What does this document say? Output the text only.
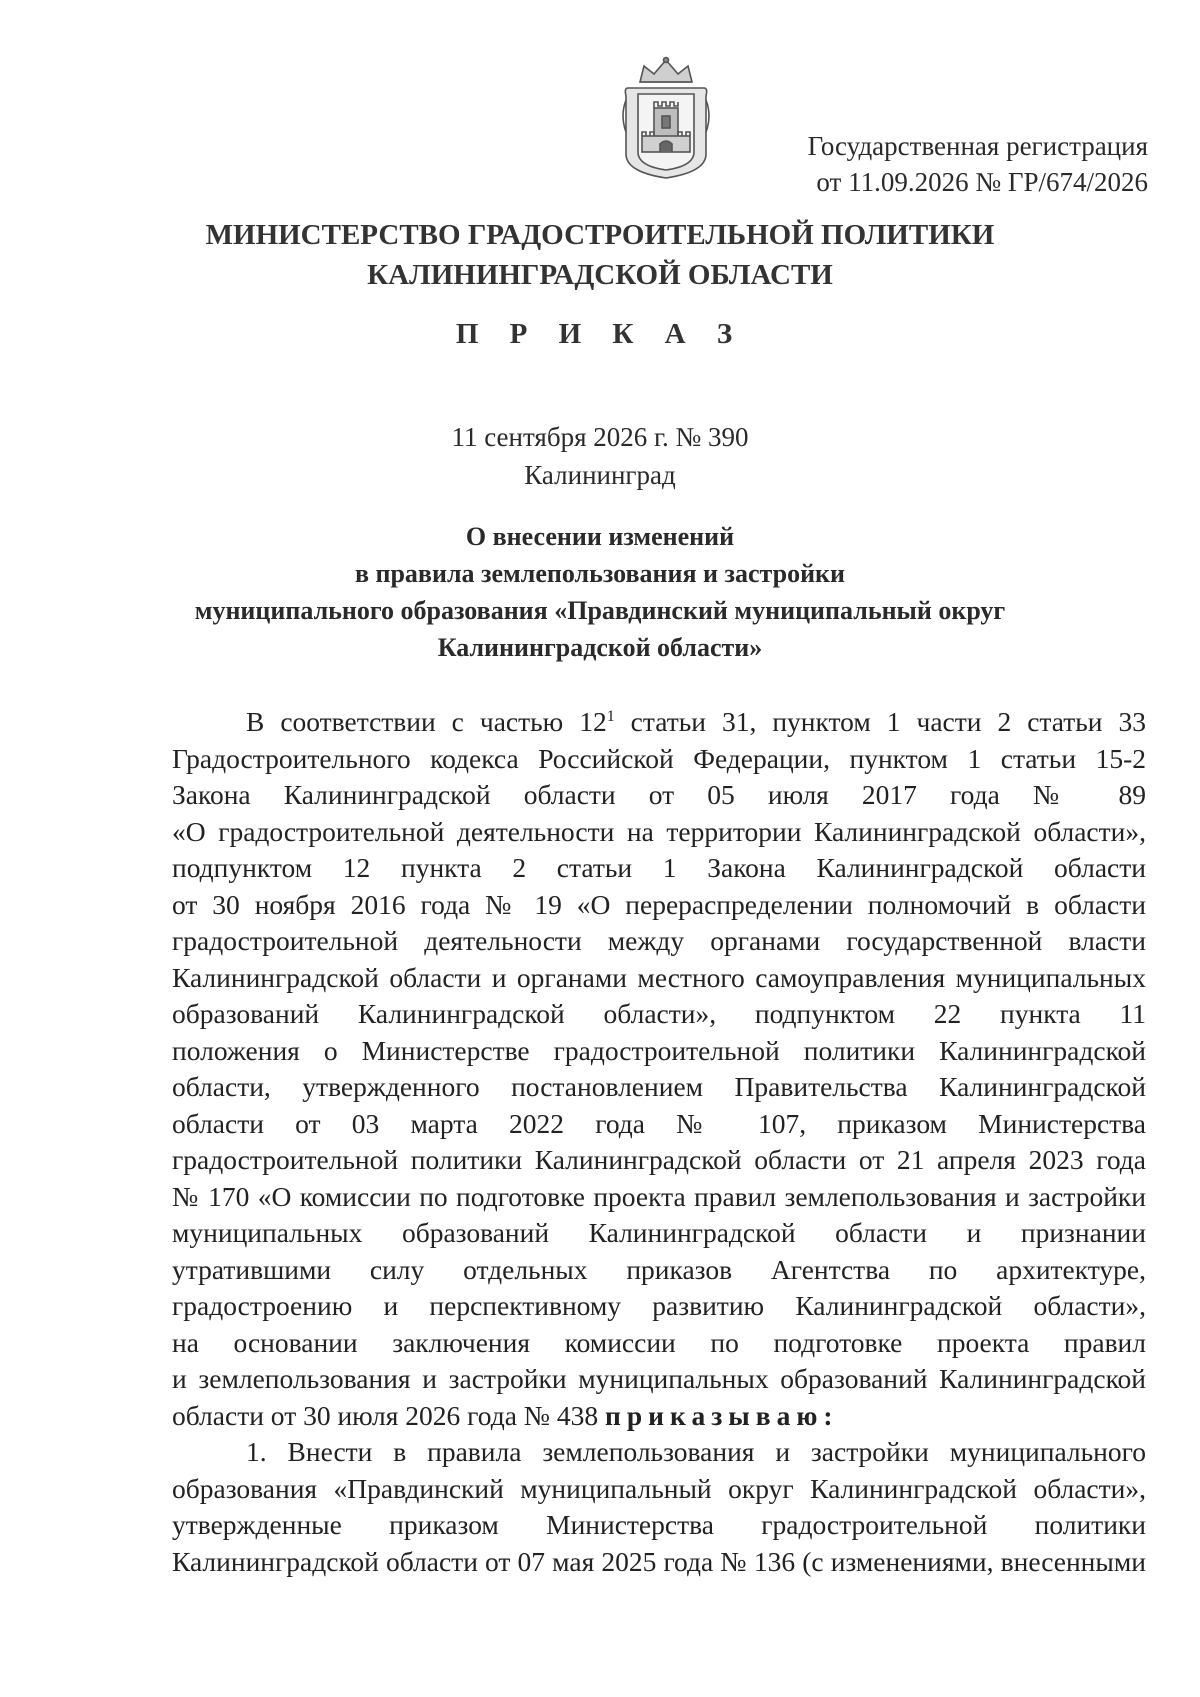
Государственная регистрация
от 11.09.2026 № ГР/674/2026
МИНИСТЕРСТВО ГРАДОСТРОИТЕЛЬНОЙ ПОЛИТИКИ
КАЛИНИНГРАДСКОЙ ОБЛАСТИ
П Р И К А З
11 сентября 2026 г. № 390
Калининград
О внесении изменений
в правила землепользования и застройки
муниципального образования «Правдинский муниципальный округ
Калининградской области»
В соответствии с частью $12^1$ статьи 31, пунктом 1 части 2 статьи 33
Градостроительного кодекса Российской Федерации, пунктом 1 статьи 15-2
Закона Калининградской области от 05 июля 2017 года № 89
«О градостроительной деятельности на территории Калининградской области»,
подпунктом 12 пункта 2 статьи 1 Закона Калининградской области
от 30 ноября 2016 года № 19 «О перераспределении полномочий в области
градостроительной деятельности между органами государственной власти
Калининградской области и органами местного самоуправления муниципальных
образований Калининградской области», подпунктом 22 пункта 11
положения о Министерстве градостроительной политики Калининградской
области, утвержденного постановлением Правительства Калининградской
области от 03 марта 2022 года № 107, приказом Министерства
градостроительной политики Калининградской области от 21 апреля 2023 года
№ 170 «О комиссии по подготовке проекта правил землепользования и застройки
муниципальных образований Калининградской области и признании
утратившими силу отдельных приказов Агентства по архитектуре,
градостроению и перспективному развитию Калининградской области»,
на основании заключения комиссии по подготовке проекта правил
и землепользования и застройки муниципальных образований Калининградской
области от 30 июля 2026 года № 438 приказываю:
1. Внести в правила землепользования и застройки муниципального
образования «Правдинский муниципальный округ Калининградской области»,
утвержденные приказом Министерства градостроительной политики
Калининградской области от 07 мая 2025 года № 136 (с изменениями, внесенными
